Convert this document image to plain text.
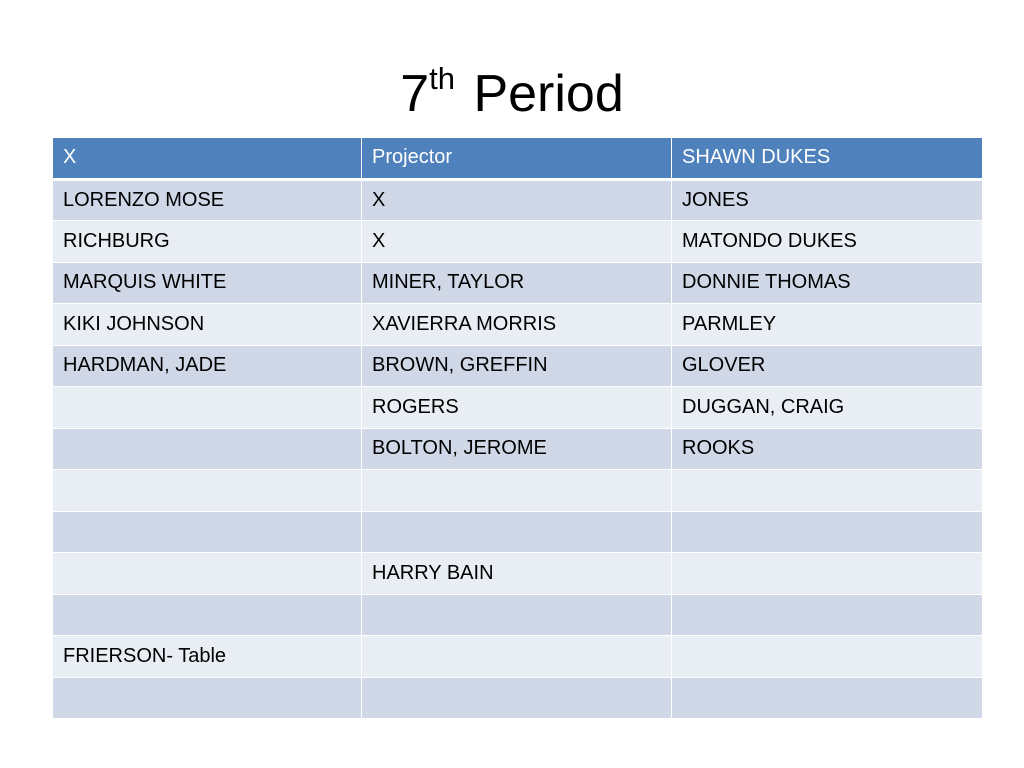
7th Period
X	Projector	SHAWN DUKES
LORENZO MOSE	X	JONES
RICHBURG	X	MATONDO DUKES
MARQUIS WHITE	MINER, TAYLOR	DONNIE THOMAS
KIKI JOHNSON	XAVIERRA MORRIS	PARMLEY
HARDMAN, JADE	BROWN, GREFFIN	GLOVER
	ROGERS	DUGGAN, CRAIG
	BOLTON, JEROME	ROOKS

	HARRY BAIN	

FRIERSON- Table		
